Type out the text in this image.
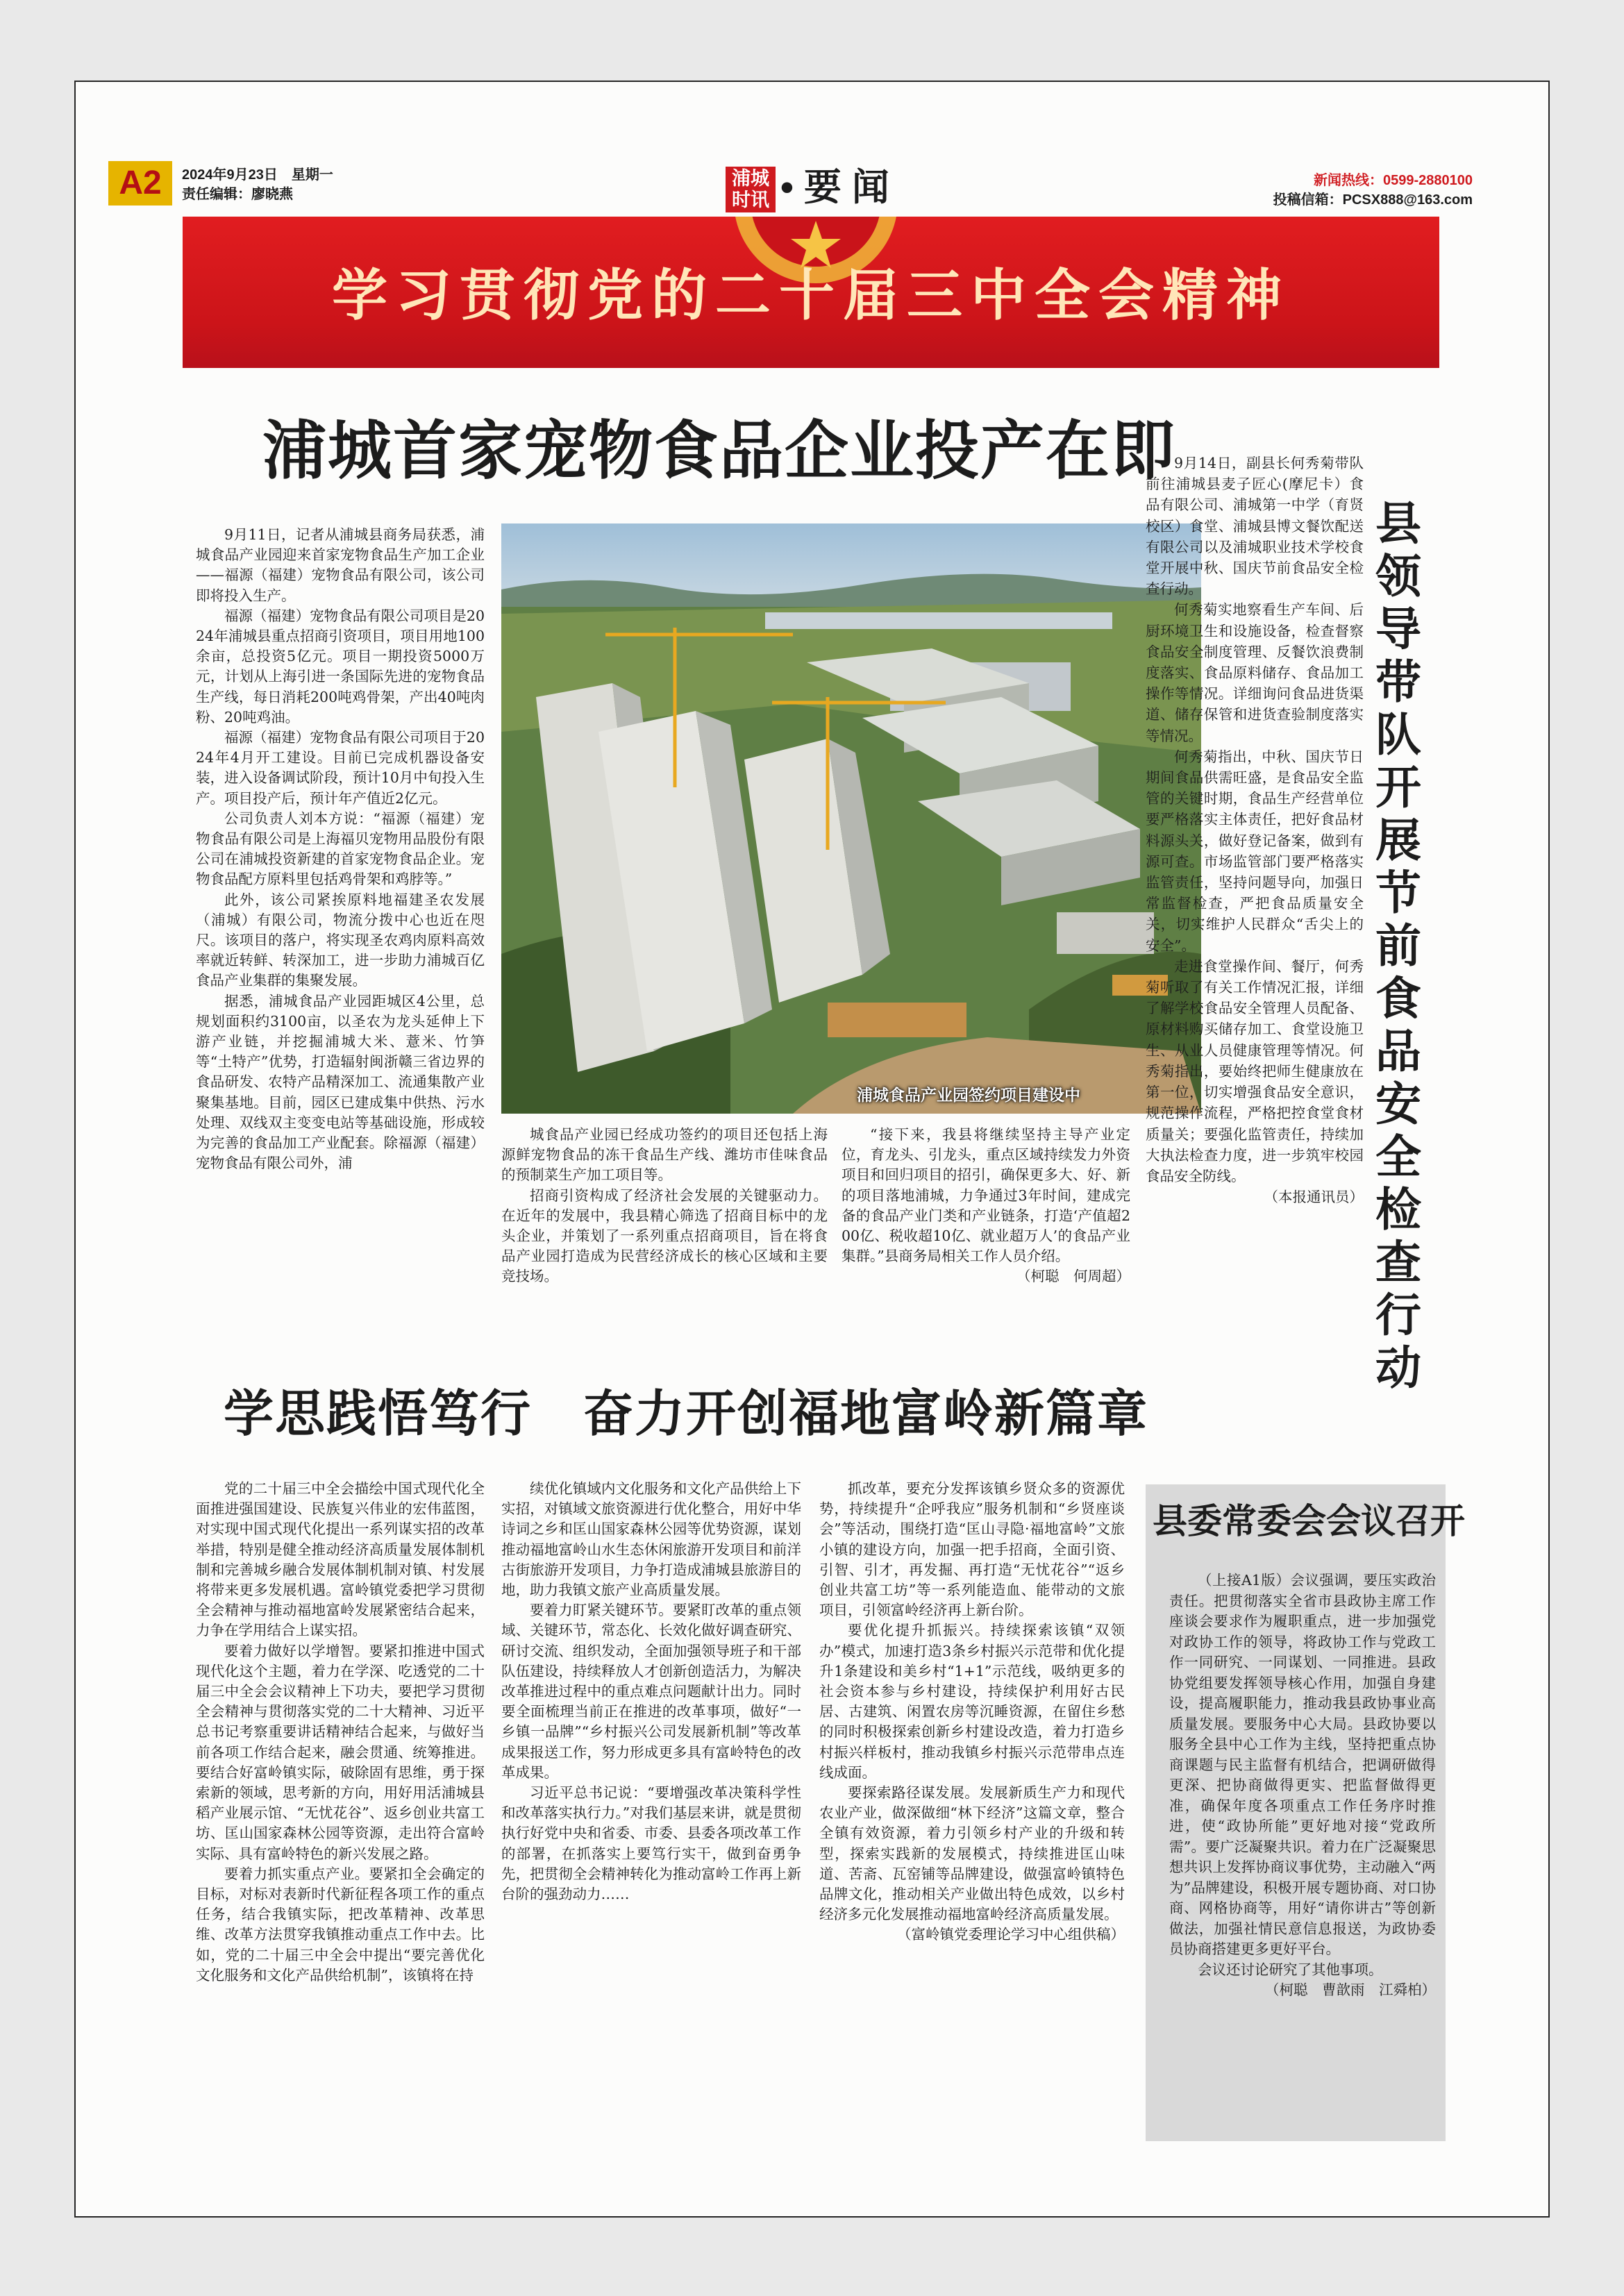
A2	2024年9月23日　星期一
责任编辑：廖晓燕
浦城
时讯 • 要 闻	新闻热线：0599-2880100
投稿信箱：PCSX888@163.com
学习贯彻党的二十届三中全会精神
浦城首家宠物食品企业投产在即

9月11日，记者从浦城县商务局获悉，浦城食品产业园迎来首家宠物食品生产加工企业——福源（福建）宠物食品有限公司，该公司即将投入生产。

福源（福建）宠物食品有限公司项目是2024年浦城县重点招商引资项目，项目用地100余亩，总投资5亿元。项目一期投资5000万元，计划从上海引进一条国际先进的宠物食品生产线，每日消耗200吨鸡骨架，产出40吨肉粉、20吨鸡油。

福源（福建）宠物食品有限公司项目于2024年4月开工建设。目前已完成机器设备安装，进入设备调试阶段，预计10月中旬投入生产。项目投产后，预计年产值近2亿元。

公司负责人刘本方说：“福源（福建）宠物食品有限公司是上海福贝宠物用品股份有限公司在浦城投资新建的首家宠物食品企业。宠物食品配方原料里包括鸡骨架和鸡脖等。”

此外，该公司紧挨原料地福建圣农发展（浦城）有限公司，物流分拨中心也近在咫尺。该项目的落户，将实现圣农鸡肉原料高效率就近转鲜、转深加工，进一步助力浦城百亿食品产业集群的集聚发展。

据悉，浦城食品产业园距城区4公里，总规划面积约3100亩，以圣农为龙头延伸上下游产业链，并挖掘浦城大米、薏米、竹笋等“土特产”优势，打造辐射闽浙赣三省边界的食品研发、农特产品精深加工、流通集散产业聚集基地。目前，园区已建成集中供热、污水处理、双线双主变变电站等基础设施，形成较为完善的食品加工产业配套。除福源（福建）宠物食品有限公司外，浦

浦城食品产业园签约项目建设中

城食品产业园已经成功签约的项目还包括上海源鲜宠物食品的冻干食品生产线、潍坊市佳味食品的预制菜生产加工项目等。

招商引资构成了经济社会发展的关键驱动力。在近年的发展中，我县精心筛选了招商目标中的龙头企业，并策划了一系列重点招商项目，旨在将食品产业园打造成为民营经济成长的核心区域和主要竞技场。

“接下来，我县将继续坚持主导产业定位，育龙头、引龙头，重点区域持续发力外资项目和回归项目的招引，确保更多大、好、新的项目落地浦城，力争通过3年时间，建成完备的食品产业门类和产业链条，打造‘产值超200亿、税收超10亿、就业超万人’的食品产业集群。”县商务局相关工作人员介绍。

（柯聪　何周超）

9月14日，副县长何秀菊带队前往浦城县麦子匠心(摩尼卡）食品有限公司、浦城第一中学（育贤校区）食堂、浦城县博文餐饮配送有限公司以及浦城职业技术学校食堂开展中秋、国庆节前食品安全检查行动。

何秀菊实地察看生产车间、后厨环境卫生和设施设备，检查督察食品安全制度管理、反餐饮浪费制度落实、食品原料储存、食品加工操作等情况。详细询问食品进货渠道、储存保管和进货查验制度落实等情况。

何秀菊指出，中秋、国庆节日期间食品供需旺盛，是食品安全监管的关键时期，食品生产经营单位要严格落实主体责任，把好食品材料源头关，做好登记备案，做到有源可查。市场监管部门要严格落实监管责任，坚持问题导向，加强日常监督检查，严把食品质量安全关，切实维护人民群众“舌尖上的安全”。

走进食堂操作间、餐厅，何秀菊听取了有关工作情况汇报，详细了解学校食品安全管理人员配备、原材料购买储存加工、食堂设施卫生、从业人员健康管理等情况。何秀菊指出，要始终把师生健康放在第一位，切实增强食品安全意识，规范操作流程，严格把控食堂食材质量关；要强化监管责任，持续加大执法检查力度，进一步筑牢校园食品安全防线。

（本报通讯员）

县领导带队开展节前食品安全检查行动
学思践悟笃行　奋力开创福地富岭新篇章

党的二十届三中全会描绘中国式现代化全面推进强国建设、民族复兴伟业的宏伟蓝图，对实现中国式现代化提出一系列谋实招的改革举措，特别是健全推动经济高质量发展体制机制和完善城乡融合发展体制机制对镇、村发展将带来更多发展机遇。富岭镇党委把学习贯彻全会精神与推动福地富岭发展紧密结合起来，力争在学用结合上谋实招。

要着力做好以学增智。要紧扣推进中国式现代化这个主题，着力在学深、吃透党的二十届三中全会会议精神上下功夫，要把学习贯彻全会精神与贯彻落实党的二十大精神、习近平总书记考察重要讲话精神结合起来，与做好当前各项工作结合起来，融会贯通、统筹推进。要结合好富岭镇实际，破除固有思维，勇于探索新的领域，思考新的方向，用好用活浦城县稻产业展示馆、“无忧花谷”、返乡创业共富工坊、匡山国家森林公园等资源，走出符合富岭实际、具有富岭特色的新兴发展之路。

要着力抓实重点产业。要紧扣全会确定的目标，对标对表新时代新征程各项工作的重点任务，结合我镇实际，把改革精神、改革思维、改革方法贯穿我镇推动重点工作中去。比如，党的二十届三中全会中提出“要完善优化文化服务和文化产品供给机制”，该镇将在持

续优化镇域内文化服务和文化产品供给上下实招，对镇域文旅资源进行优化整合，用好中华诗词之乡和匡山国家森林公园等优势资源，谋划推动福地富岭山水生态休闲旅游开发项目和前洋古街旅游开发项目，力争打造成浦城县旅游目的地，助力我镇文旅产业高质量发展。

要着力盯紧关键环节。要紧盯改革的重点领域、关键环节，常态化、长效化做好调查研究、研讨交流、组织发动，全面加强领导班子和干部队伍建设，持续释放人才创新创造活力，为解决改革推进过程中的重点难点问题献计出力。同时要全面梳理当前正在推进的改革事项，做好“一乡镇一品牌”“乡村振兴公司发展新机制”等改革成果报送工作，努力形成更多具有富岭特色的改革成果。

习近平总书记说：“要增强改革决策科学性和改革落实执行力。”对我们基层来讲，就是贯彻执行好党中央和省委、市委、县委各项改革工作的部署，在抓落实上要笃行实干，做到奋勇争先，把贯彻全会精神转化为推动富岭工作再上新台阶的强劲动力……

抓改革，要充分发挥该镇乡贤众多的资源优势，持续提升“企呼我应”服务机制和“乡贤座谈会”等活动，围绕打造“匡山寻隐·福地富岭”文旅小镇的建设方向，加强一把手招商，全面引资、引智、引才，再发掘、再打造“无忧花谷”“返乡创业共富工坊”等一系列能造血、能带动的文旅项目，引领富岭经济再上新台阶。

要优化提升抓振兴。持续探索该镇“双领办”模式，加速打造3条乡村振兴示范带和优化提升1条建设和美乡村“1+1”示范线，吸纳更多的社会资本参与乡村建设，持续保护利用好古民居、古建筑、闲置农房等沉睡资源，在留住乡愁的同时积极探索创新乡村建设改造，着力打造乡村振兴样板村，推动我镇乡村振兴示范带串点连线成面。

要探索路径谋发展。发展新质生产力和现代农业产业，做深做细“林下经济”这篇文章，整合全镇有效资源，着力引领乡村产业的升级和转型，探索实践新的发展模式，持续推进匡山味道、苦斋、瓦窑铺等品牌建设，做强富岭镇特色品牌文化，推动相关产业做出特色成效，以乡村经济多元化发展推动福地富岭经济高质量发展。

（富岭镇党委理论学习中心组供稿）

县委常委会会议召开

（上接A1版）会议强调，要压实政治责任。把贯彻落实全省市县政协主席工作座谈会要求作为履职重点，进一步加强党对政协工作的领导，将政协工作与党政工作一同研究、一同谋划、一同推进。县政协党组要发挥领导核心作用，加强自身建设，提高履职能力，推动我县政协事业高质量发展。要服务中心大局。县政协要以服务全县中心工作为主线，坚持把重点协商课题与民主监督有机结合，把调研做得更深、把协商做得更实、把监督做得更准，确保年度各项重点工作任务序时推进，使“政协所能”更好地对接“党政所需”。要广泛凝聚共识。着力在广泛凝聚思想共识上发挥协商议事优势，主动融入“两为”品牌建设，积极开展专题协商、对口协商、网格协商等，用好“请你讲古”等创新做法，加强社情民意信息报送，为政协委员协商搭建更多更好平台。

会议还讨论研究了其他事项。

（柯聪　曹歆雨　江舜柏）
